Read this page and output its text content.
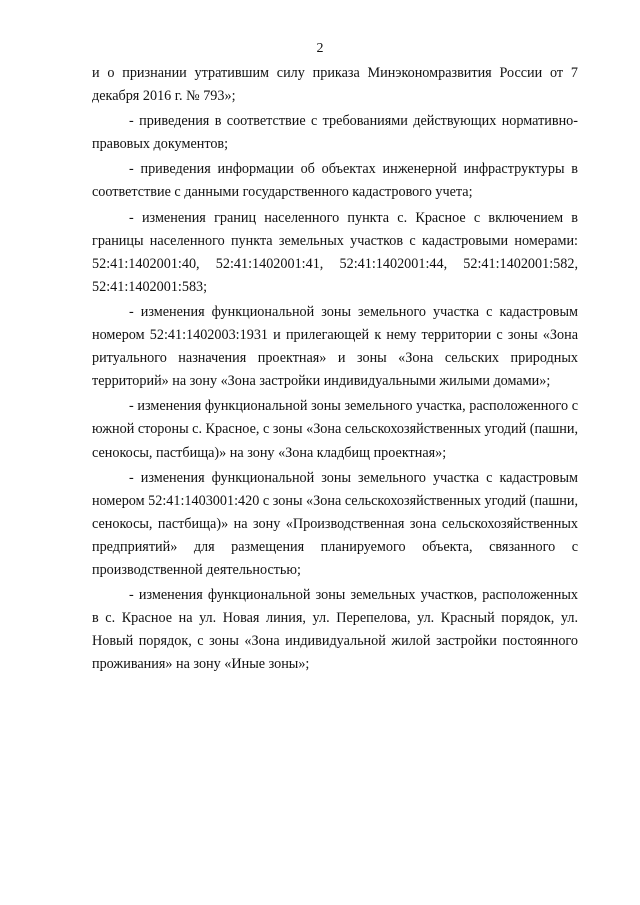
2

и о признании утратившим силу приказа Минэкономразвития России от 7 декабря 2016 г. № 793»;

- приведения в соответствие с требованиями действующих нормативно-правовых документов;

- приведения информации об объектах инженерной инфраструктуры в соответствие с данными государственного кадастрового учета;

- изменения границ населенного пункта с. Красное с включением в границы населенного пункта земельных участков с кадастровыми номерами: 52:41:1402001:40, 52:41:1402001:41, 52:41:1402001:44, 52:41:1402001:582, 52:41:1402001:583;

- изменения функциональной зоны земельного участка с кадастровым номером 52:41:1402003:1931 и прилегающей к нему территории с зоны «Зона ритуального назначения проектная» и зоны «Зона сельских природных территорий» на зону «Зона застройки индивидуальными жилыми домами»;

- изменения функциональной зоны земельного участка, расположенного с южной стороны с. Красное, с зоны «Зона сельскохозяйственных угодий (пашни, сенокосы, пастбища)» на зону «Зона кладбищ проектная»;

- изменения функциональной зоны земельного участка с кадастровым номером 52:41:1403001:420 с зоны «Зона сельскохозяйственных угодий (пашни, сенокосы, пастбища)» на зону «Производственная зона сельскохозяйственных предприятий» для размещения планируемого объекта, связанного с производственной деятельностью;

- изменения функциональной зоны земельных участков, расположенных в с. Красное на ул. Новая линия, ул. Перепелова, ул. Красный порядок, ул. Новый порядок, с зоны «Зона индивидуальной жилой застройки постоянного проживания» на зону «Иные зоны»;
